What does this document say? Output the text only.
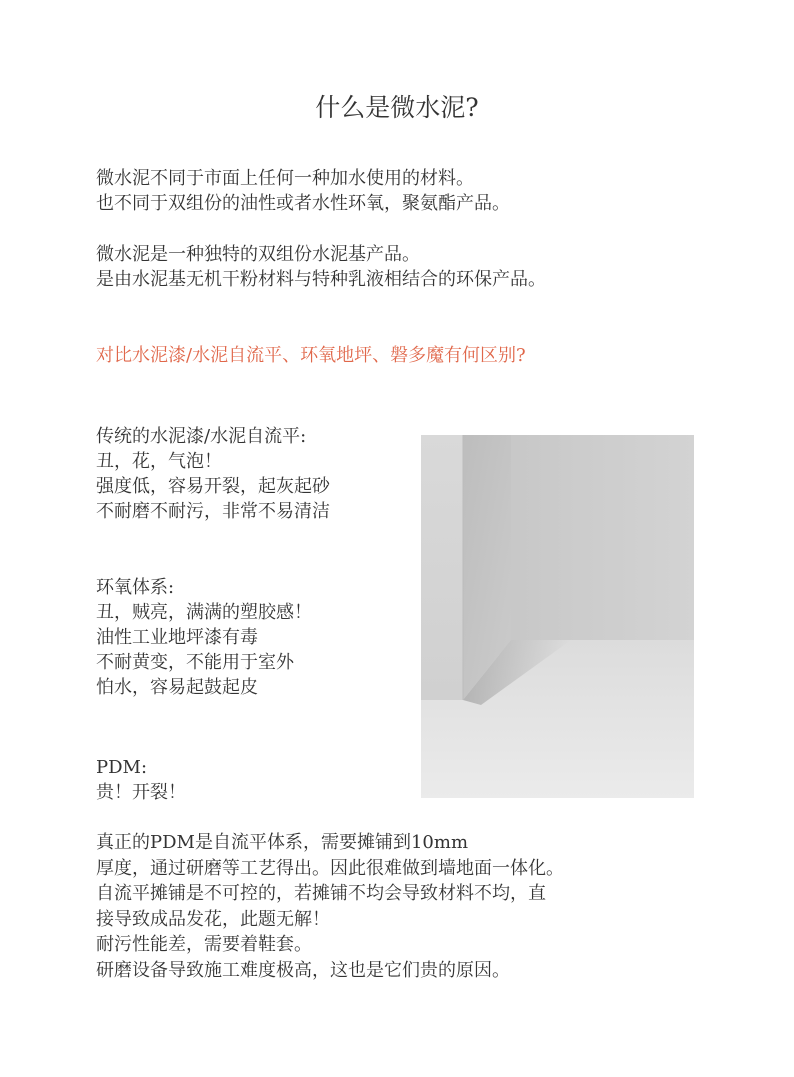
什么是微水泥?

微水泥不同于市面上任何一种加水使用的材料。
也不同于双组份的油性或者水性环氧，聚氨酯产品。

微水泥是一种独特的双组份水泥基产品。
是由水泥基无机干粉材料与特种乳液相结合的环保产品。

对比水泥漆/水泥自流平、环氧地坪、磐多魔有何区别?
传统的水泥漆/水泥自流平:
丑，花，气泡！
强度低，容易开裂，起灰起砂
不耐磨不耐污，非常不易清洁
环氧体系:
丑，贼亮，满满的塑胶感！
油性工业地坪漆有毒
不耐黄变，不能用于室外
怕水，容易起鼓起皮
PDM:
贵！开裂！
真正的PDM是自流平体系，需要摊铺到10mm
厚度，通过研磨等工艺得出。因此很难做到墙地面一体化。
自流平摊铺是不可控的，若摊铺不均会导致材料不均，直
接导致成品发花，此题无解！
耐污性能差，需要着鞋套。
研磨设备导致施工难度极高，这也是它们贵的原因。
